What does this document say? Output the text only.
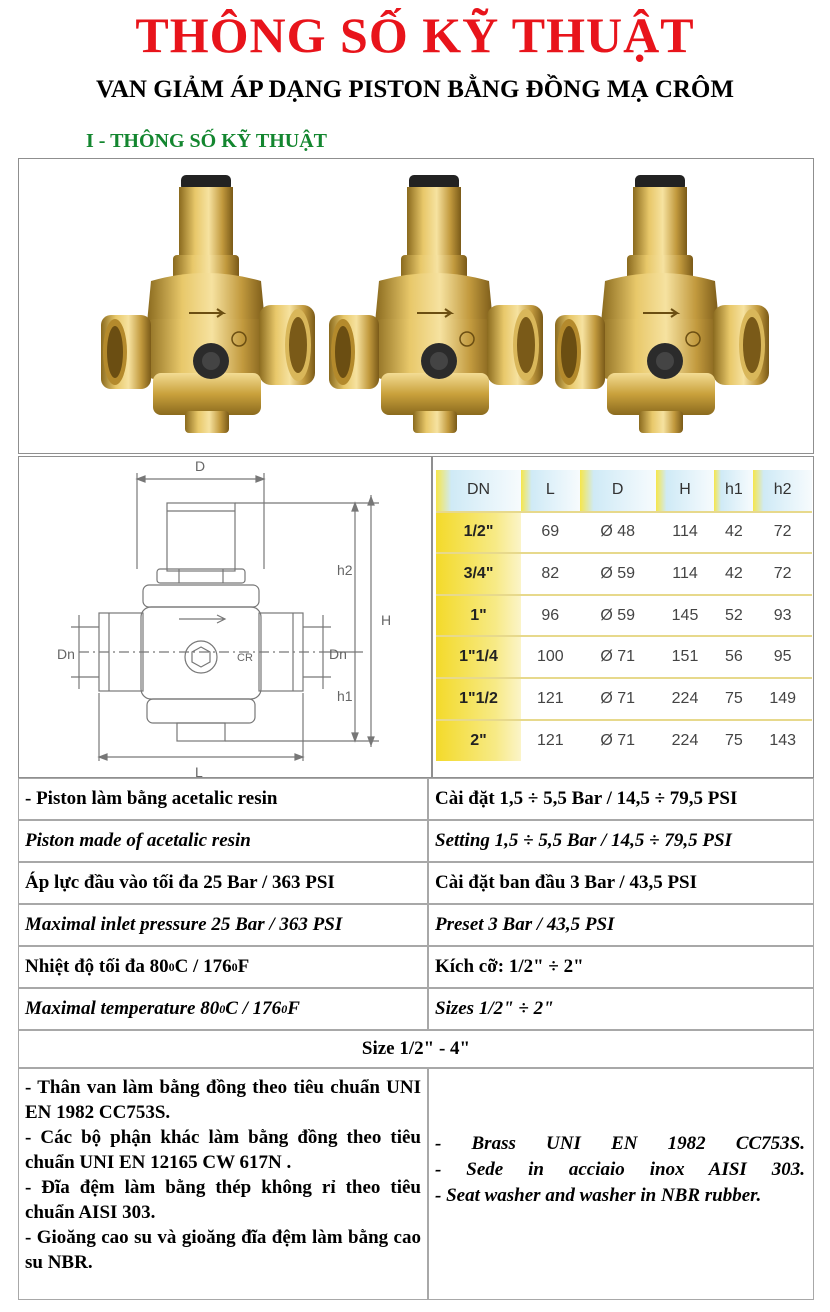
THÔNG SỐ KỸ THUẬT
VAN GIẢM ÁP DẠNG PISTON BẰNG ĐỒNG MẠ CRÔM
I - THÔNG SỐ KỸ THUẬT
D
L
H
h2
h1
Dn	Dn
CR
DN	L	D	H	h1	h2
1/2"	69	Ø 48	114	42	72
3/4"	82	Ø 59	114	42	72
1"	96	Ø 59	145	52	93
1"1/4	100	Ø 71	151	56	95
1"1/2	121	Ø 71	224	75	149
2"	121	Ø 71	224	75	143
- Piston làm bằng acetalic resin	Cài đặt 1,5 ÷ 5,5 Bar / 14,5 ÷ 79,5 PSI
Piston made of acetalic resin	Setting 1,5 ÷ 5,5 Bar / 14,5 ÷ 79,5 PSI
Áp lực đầu vào tối đa 25 Bar / 363 PSI	Cài đặt ban đầu 3 Bar / 43,5 PSI
Maximal inlet pressure 25 Bar / 363 PSI	Preset 3 Bar / 43,5 PSI
Nhiệt độ tối đa 80 0 C / 176 0 F	Kích cỡ: 1/2" ÷ 2"
Maximal temperature 80 0 C / 176 0 F	Sizes 1/2" ÷ 2"
Size 1/2" - 4"

- Thân van làm bằng đồng theo tiêu chuẩn UNI EN 1982 CC753S.

- Các bộ phận khác làm bằng đồng theo tiêu chuẩn UNI EN 12165 CW 617N .

- Đĩa đệm làm bằng thép không rỉ theo tiêu chuẩn AISI 303.

- Gioăng cao su và gioăng đĩa đệm làm bằng cao su NBR.

- Brass UNI EN 1982 CC753S.

- Sede in acciaio inox AISI 303.

- Seat washer and washer in NBR rubber.
